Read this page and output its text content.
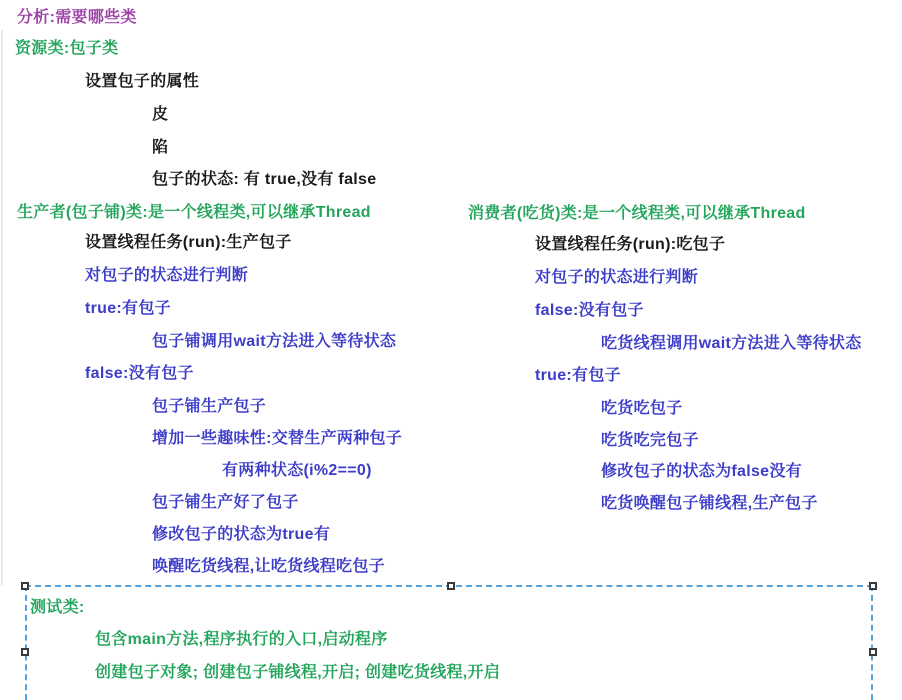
分析:需要哪些类
资源类:包子类
设置包子的属性
皮
陷
包子的状态: 有 true,没有 false
生产者(包子铺)类:是一个线程类,可以继承Thread
设置线程任务(run):生产包子
对包子的状态进行判断
true:有包子
包子铺调用wait方法进入等待状态
false:没有包子
包子铺生产包子
增加一些趣味性:交替生产两种包子
有两种状态(i%2==0)
包子铺生产好了包子
修改包子的状态为true有
唤醒吃货线程,让吃货线程吃包子
消费者(吃货)类:是一个线程类,可以继承Thread
设置线程任务(run):吃包子
对包子的状态进行判断
false:没有包子
吃货线程调用wait方法进入等待状态
true:有包子
吃货吃包子
吃货吃完包子
修改包子的状态为false没有
吃货唤醒包子铺线程,生产包子
测试类:
包含main方法,程序执行的入口,启动程序
创建包子对象; 创建包子铺线程,开启; 创建吃货线程,开启
